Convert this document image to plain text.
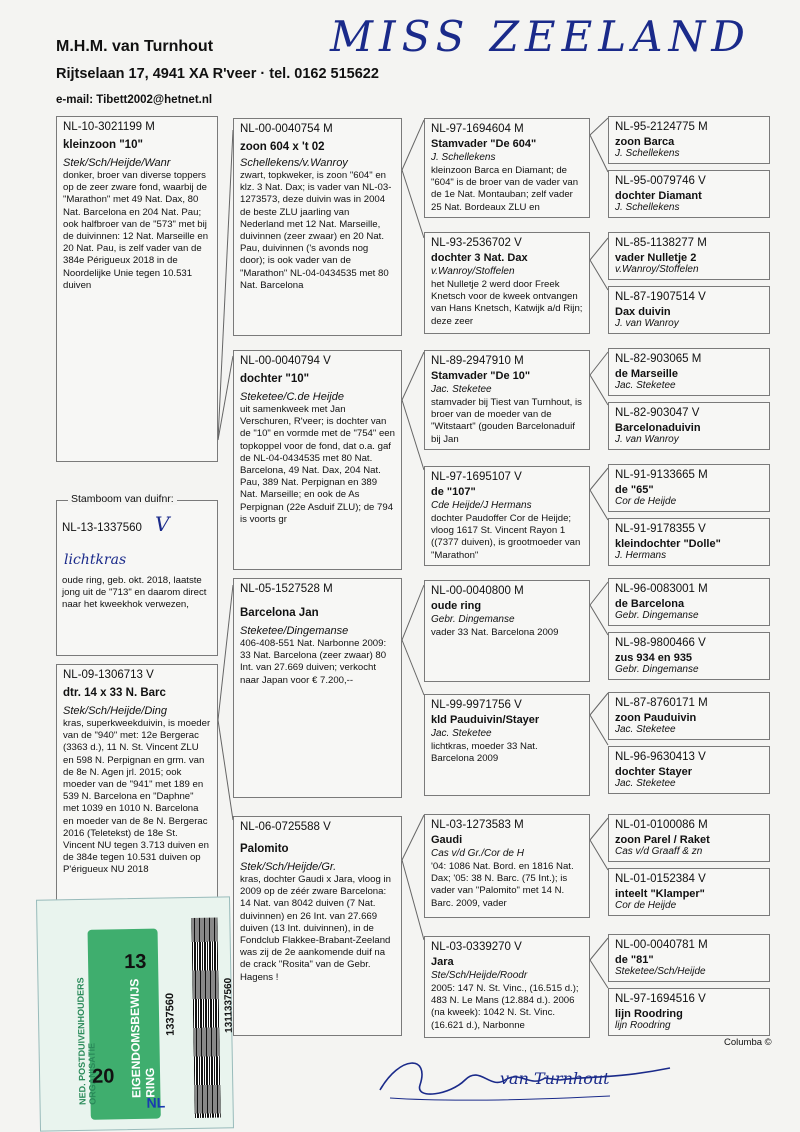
M.H.M. van Turnhout
Rijtselaan 17, 4941 XA R'veer · tel. 0162 515622
e-mail: Tibett2002@hetnet.nl
MISS ZEELAND
NL-10-3021199 M
kleinzoon "10"
Stek/Sch/Heijde/Wanr
donker, broer van diverse toppers op de zeer zware fond, waarbij de "Marathon" met 49 Nat. Dax, 80 Nat. Barcelona en 204 Nat. Pau; ook halfbroer van de "573" met bij de duivinnen: 12 Nat. Marseille en 20 Nat. Pau, is zelf vader van de 384e Périgueux 2018 in de Noordelijke Unie tegen 10.531 duiven
Stamboom van duifnr:
NL-13-1337560 V
lichtkras
oude ring, geb. okt. 2018, laatste jong uit de "713" en daarom direct naar het kweekhok verwezen,
NL-09-1306713 V
dtr. 14 x 33 N. Barc
Stek/Sch/Heijde/Ding
kras, superkweekduivin, is moeder van de "940" met: 12e Bergerac (3363 d.), 11 N. St. Vincent ZLU en 598 N. Perpignan en grm. van de 8e N. Agen jrl. 2015; ook moeder van de "941" met 189 en 539 N. Barcelona en "Daphne" met 1039 en 1010 N. Barcelona en moeder van de 8e N. Bergerac 2016 (Teletekst) de 18e St. Vincent NU tegen 3.713 duiven en de 384e tegen 10.531 duiven op P'érigueux NU 2018
NL-00-0040754 M
zoon 604 x 't 02
Schellekens/v.Wanroy
zwart, topkweker, is zoon "604" en klz. 3 Nat. Dax; is vader van NL-03-1273573, deze duivin was in 2004 de beste ZLU jaarling van Nederland met 12 Nat. Marseille, duivinnen (zeer zwaar) en 20 Nat. Pau, duivinnen ('s avonds nog door); is ook vader van de "Marathon" NL-04-0434535 met 80 Nat. Barcelona
NL-00-0040794 V
dochter "10"
Steketee/C.de Heijde
uit samenkweek met Jan Verschuren, R'veer; is dochter van de "10" en vormde met de "754" een topkoppel voor de fond, dat o.a. gaf de NL-04-0434535 met 80 Nat. Barcelona, 49 Nat. Dax, 204 Nat. Pau, 389 Nat. Perpignan en 389 Nat. Marseille; en ook de As Perpignan (22e Asduif ZLU); de 794 is voorts gr
NL-05-1527528 M
Barcelona Jan
Steketee/Dingemanse
406-408-551 Nat. Narbonne 2009: 33 Nat. Barcelona (zeer zwaar) 80 Int. van 27.669 duiven; verkocht naar Japan voor € 7.200,--
NL-06-0725588 V
Palomito
Stek/Sch/Heijde/Gr.
kras, dochter Gaudi x Jara, vloog in 2009 op de zéér zware Barcelona: 14 Nat. van 8042 duiven (7 Nat. duivinnen) en 26 Int. van 27.669 duiven (13 Int. duivinnen), in de Fondclub Flakkee-Brabant-Zeeland was zij de 2e aankomende duif na de crack "Rosita" van de Gebr. Hagens !
NL-97-1694604 M
Stamvader "De 604"
J. Schellekens
kleinzoon Barca en Diamant; de "604" is de broer van de vader van de 1e Nat. Montauban; zelf vader 25 Nat. Bordeaux ZLU en
NL-93-2536702 V
dochter 3 Nat. Dax
v.Wanroy/Stoffelen
het Nulletje 2 werd door Freek Knetsch voor de kweek ontvangen van Hans Knetsch, Katwijk a/d Rijn; deze zeer
NL-89-2947910 M
Stamvader "De 10"
Jac. Steketee
stamvader bij Tiest van Turnhout, is broer van de moeder van de "Witstaart" (gouden Barcelonaduif bij Jan
NL-97-1695107 V
de "107"
Cde Heijde/J Hermans
dochter Paudoffer Cor de Heijde; vloog 1617 St. Vincent Rayon 1 ((7377 duiven), is grootmoeder van "Marathon"
NL-00-0040800 M
oude ring
Gebr. Dingemanse
vader 33 Nat. Barcelona 2009
NL-99-9971756 V
kld Pauduivin/Stayer
Jac. Steketee
lichtkras, moeder 33 Nat. Barcelona 2009
NL-03-1273583 M
Gaudi
Cas v/d Gr./Cor de H
'04: 1086 Nat. Bord. en 1816 Nat. Dax; '05: 38 N. Barc. (75 Int.); is vader van "Palomito" met 14 N. Barc. 2009, vader
NL-03-0339270 V
Jara
Ste/Sch/Heijde/Roodr
2005: 147 N. St. Vinc., (16.515 d.); 483 N. Le Mans (12.884 d.). 2006 (na kweek): 1042 N. St. Vinc. (16.621 d.), Narbonne
NL-95-2124775 M
zoon Barca
J. Schellekens
NL-95-0079746 V
dochter Diamant
J. Schellekens
NL-85-1138277 M
vader Nulletje 2
v.Wanroy/Stoffelen
NL-87-1907514 V
Dax duivin
J. van Wanroy
NL-82-903065 M
de Marseille
Jac. Steketee
NL-82-903047 V
Barcelonaduivin
J. van Wanroy
NL-91-9133665 M
de "65"
Cor de Heijde
NL-91-9178355 V
kleindochter "Dolle"
J. Hermans
NL-96-0083001 M
de Barcelona
Gebr. Dingemanse
NL-98-9800466 V
zus 934 en 935
Gebr. Dingemanse
NL-87-8760171 M
zoon Pauduivin
Jac. Steketee
NL-96-9630413 V
dochter Stayer
Jac. Steketee
NL-01-0100086 M
zoon Parel / Raket
Cas v/d Graaff & zn
NL-01-0152384 V
inteelt "Klamper"
Cor de Heijde
NL-00-0040781 M
de "81"
Steketee/Sch/Heijde
NL-97-1694516 V
lijn Roodring
lijn Roodring
Columba ©
van Turnhout
NED. POSTDUIVENHOUDERS ORGANISATIE EIGENDOMSBEWIJS RING
20
13
NL
1337560	1311337560
